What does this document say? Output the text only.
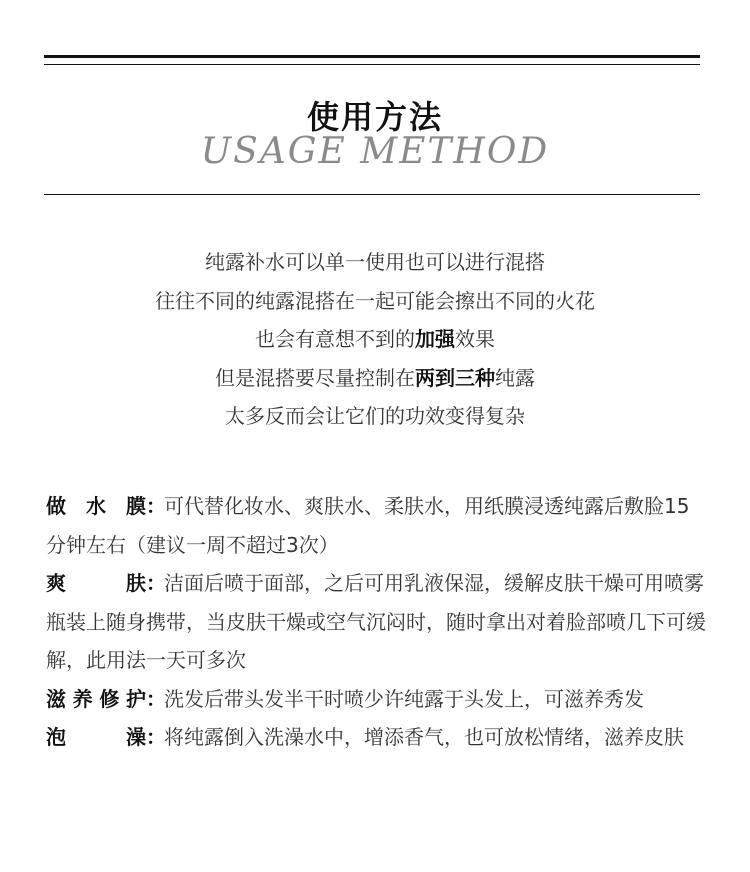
使用方法
USAGE METHOD
纯露补水可以单一使用也可以进行混搭
往往不同的纯露混搭在一起可能会擦出不同的火花
也会有意想不到的加强效果
但是混搭要尽量控制在两到三种纯露
太多反而会让它们的功效变得复杂
做水膜：可代替化妆水、爽肤水、柔肤水，用纸膜浸透纯露后敷脸15分钟左右（建议一周不超过3次）
爽肤：洁面后喷于面部，之后可用乳液保湿，缓解皮肤干燥可用喷雾瓶装上随身携带，当皮肤干燥或空气沉闷时，随时拿出对着脸部喷几下可缓解，此用法一天可多次
滋养修护：洗发后带头发半干时喷少许纯露于头发上，可滋养秀发
泡澡：将纯露倒入洗澡水中，增添香气，也可放松情绪，滋养皮肤
